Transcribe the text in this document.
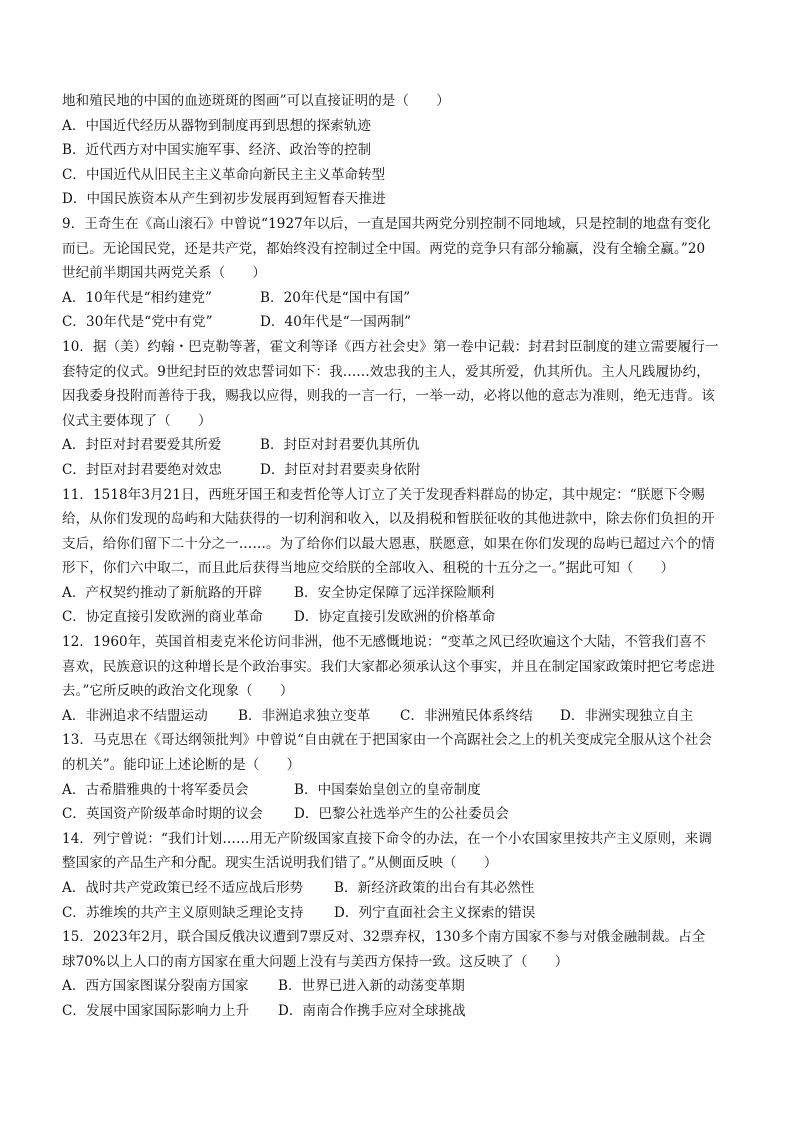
地和殖民地的中国的血迹斑斑的图画”可以直接证明的是（　　）
A．中国近代经历从器物到制度再到思想的探索轨迹
B．近代西方对中国实施军事、经济、政治等的控制
C．中国近代从旧民主主义革命向新民主主义革命转型
D．中国民族资本从产生到初步发展再到短暂春天推进
9．王奇生在《高山滚石》中曾说“1927年以后，一直是国共两党分别控制不同地域，只是控制的地盘有变化
而已。无论国民党，还是共产党，都始终没有控制过全中国。两党的竞争只有部分输赢，没有全输全赢。”20
世纪前半期国共两党关系（　　）
A．10年代是“相约建党”	B．20年代是“国中有国”
C．30年代是“党中有党”	D．40年代是“一国两制”
10．据（美）约翰・巴克勒等著，霍文利等译《西方社会史》第一卷中记载：封君封臣制度的建立需要履行一
套特定的仪式。9世纪封臣的效忠誓词如下：我……效忠我的主人，爱其所爱，仇其所仇。主人凡践履协约，
因我委身投附而善待于我，赐我以应得，则我的一言一行，一举一动，必将以他的意志为准则，绝无违背。该
仪式主要体现了（　　）
A．封臣对封君要爱其所爱	B．封臣对封君要仇其所仇
C．封臣对封君要绝对效忠	D．封臣对封君要卖身依附
11．1518年3月21日，西班牙国王和麦哲伦等人订立了关于发现香料群岛的协定，其中规定：“朕愿下令赐
给，从你们发现的岛屿和大陆获得的一切利润和收入，以及捐税和暂朕征收的其他进款中，除去你们负担的开
支后，给你们留下二十分之一……。为了给你们以最大恩惠，朕愿意，如果在你们发现的岛屿已超过六个的情
形下，你们六中取二，而且此后获得当地应交给朕的全部收入、租税的十五分之一。”据此可知（　　）
A．产权契约推动了新航路的开辟	B．安全协定保障了远洋探险顺利
C．协定直接引发欧洲的商业革命	D．协定直接引发欧洲的价格革命
12．1960年，英国首相麦克米伦访问非洲，他不无感慨地说：“变革之风已经吹遍这个大陆，不管我们喜不
喜欢，民族意识的这种增长是个政治事实。我们大家都必须承认这个事实，并且在制定国家政策时把它考虑进
去。”它所反映的政治文化现象（　　）
A．非洲追求不结盟运动	B．非洲追求独立变革	C．非洲殖民体系终结	D．非洲实现独立自主
13．马克思在《哥达纲领批判》中曾说“自由就在于把国家由一个高踞社会之上的机关变成完全服从这个社会
的机关”。能印证上述论断的是（　　）
A．古希腊雅典的十将军委员会	B．中国秦始皇创立的皇帝制度
C．英国资产阶级革命时期的议会	D．巴黎公社选举产生的公社委员会
14．列宁曾说：“我们计划……用无产阶级国家直接下命令的办法，在一个小农国家里按共产主义原则，来调
整国家的产品生产和分配。现实生活说明我们错了。”从侧面反映（　　）
A．战时共产党政策已经不适应战后形势	B．新经济政策的出台有其必然性
C．苏维埃的共产主义原则缺乏理论支持	D．列宁直面社会主义探索的错误
15．2023年2月，联合国反俄决议遭到7票反对、32票弃权，130多个南方国家不参与对俄金融制裁。占全
球70%以上人口的南方国家在重大问题上没有与美西方保持一致。这反映了（　　）
A．西方国家图谋分裂南方国家	B．世界已进入新的动荡变革期
C．发展中国家国际影响力上升	D．南南合作携手应对全球挑战
